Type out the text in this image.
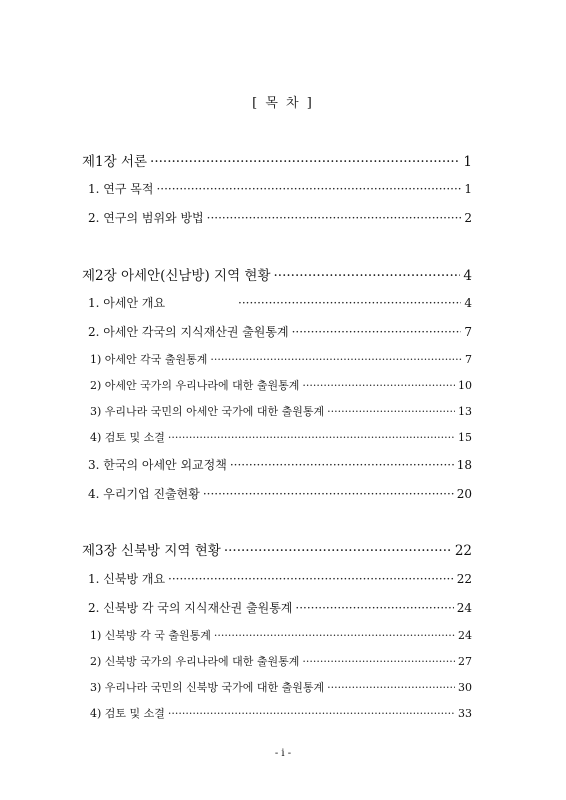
[ 목 차 ]
제1장 서론 ·····	1
1. 연구 목적 ·····	1
2. 연구의 범위와 방법 ·····	2
제2장 아세안(신남방) 지역 현황 ·····	4
1. 아세안 개요 ·····	4
2. 아세안 각국의 지식재산권 출원통계 ·····	7
1) 아세안 각국 출원통계 ·····	7
2) 아세안 국가의 우리나라에 대한 출원통계 ·····	10
3) 우리나라 국민의 아세안 국가에 대한 출원통계 ·····	13
4) 검토 및 소결 ·····	15
3. 한국의 아세안 외교정책 ·····	18
4. 우리기업 진출현황 ·····	20
제3장 신북방 지역 현황 ·····	22
1. 신북방 개요 ·····	22
2. 신북방 각 국의 지식재산권 출원통계 ·····	24
1) 신북방 각 국 출원통계 ·····	24
2) 신북방 국가의 우리나라에 대한 출원통계 ·····	27
3) 우리나라 국민의 신북방 국가에 대한 출원통계 ·····	30
4) 검토 및 소결 ·····	33
- i -
